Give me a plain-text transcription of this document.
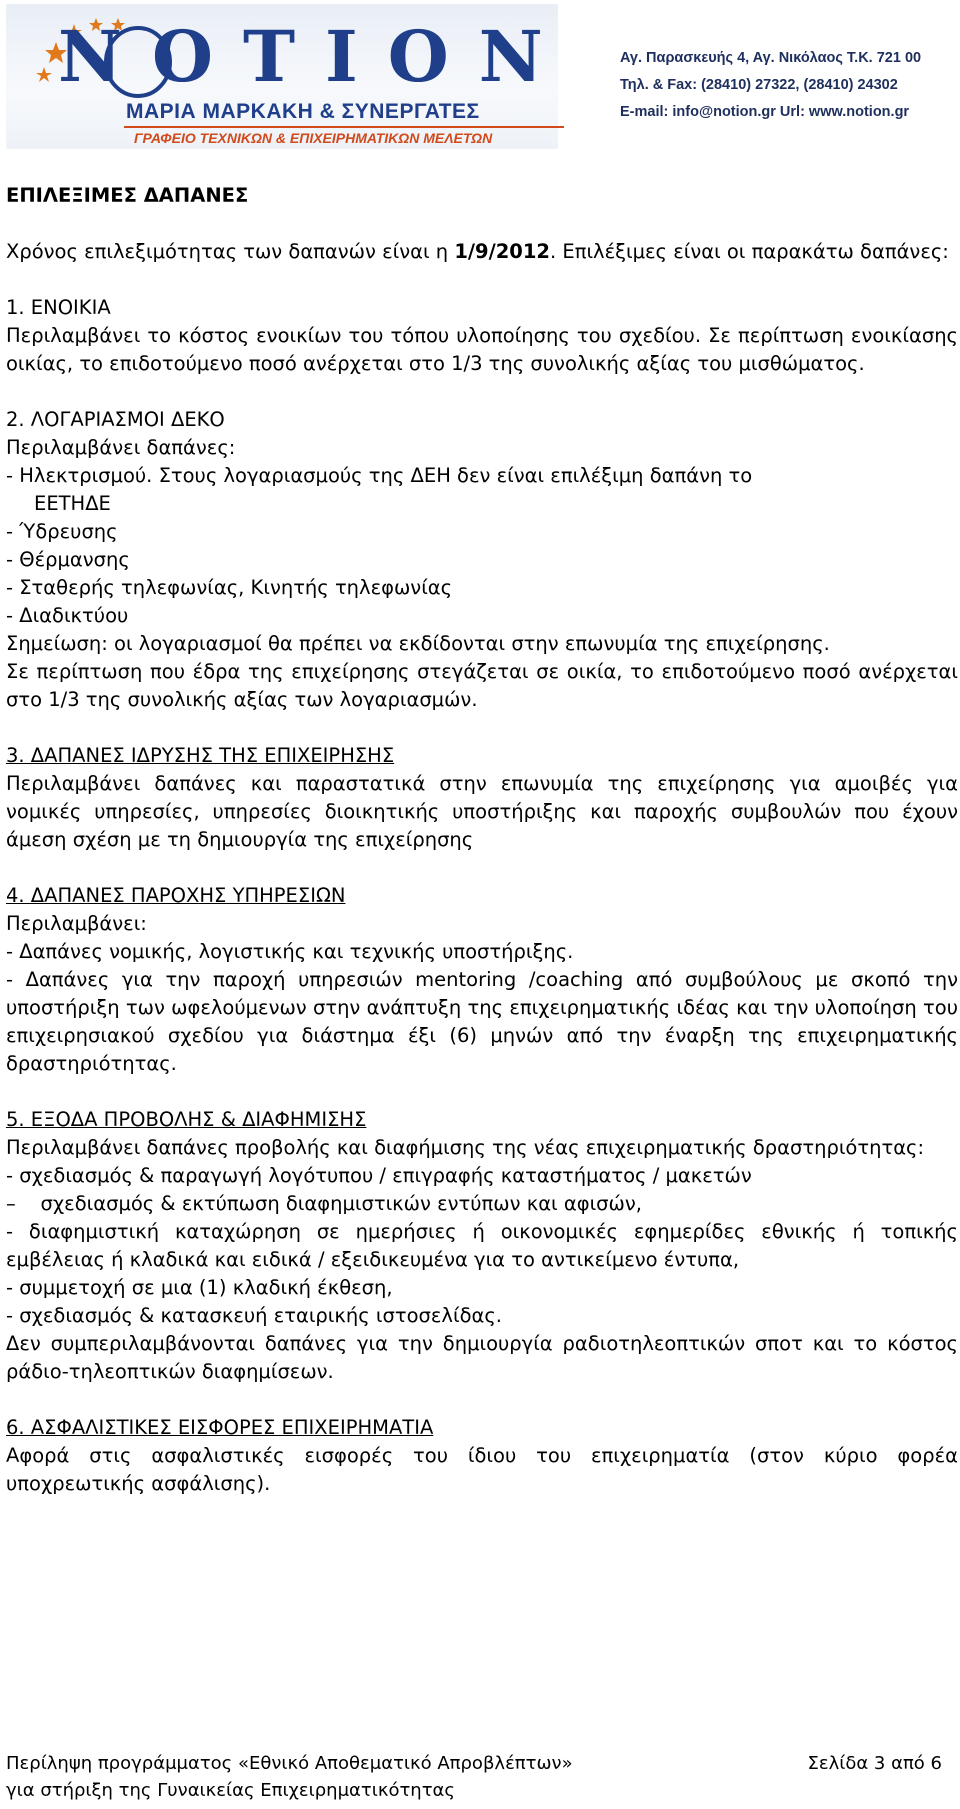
NOTION
ΜΑΡΙΑ ΜΑΡΚΑΚΗ & ΣΥΝΕΡΓΑΤΕΣ
ΓΡΑΦΕΙΟ ΤΕΧΝΙΚΩΝ & ΕΠΙΧΕΙΡΗΜΑΤΙΚΩΝ ΜΕΛΕΤΩΝ
Αγ. Παρασκευής 4, Αγ. Νικόλαος Τ.Κ. 721 00
Τηλ. & Fax: (28410) 27322, (28410) 24302
E-mail: info@notion.gr Url: www.notion.gr

ΕΠΙΛΕΞΙΜΕΣ ΔΑΠΑΝΕΣ

Χρόνος επιλεξιμότητας των δαπανών είναι η 1/9/2012. Επιλέξιμες είναι οι παρακάτω δαπάνες:

1. ΕΝΟΙΚΙΑ

Περιλαμβάνει το κόστος ενοικίων του τόπου υλοποίησης του σχεδίου. Σε περίπτωση ενοικίασης οικίας, το επιδοτούμενο ποσό ανέρχεται στο 1/3 της συνολικής αξίας του μισθώματος.

2. ΛΟΓΑΡΙΑΣΜΟΙ ΔΕΚΟ

Περιλαμβάνει δαπάνες:

- Ηλεκτρισμού. Στους λογαριασμούς της ΔΕΗ δεν είναι επιλέξιμη δαπάνη το

ΕΕΤΗΔΕ

- Ύδρευσης

- Θέρμανσης

- Σταθερής τηλεφωνίας, Κινητής τηλεφωνίας

- Διαδικτύου

Σημείωση: οι λογαριασμοί θα πρέπει να εκδίδονται στην επωνυμία της επιχείρησης.

Σε περίπτωση που έδρα της επιχείρησης στεγάζεται σε οικία, το επιδοτούμενο ποσό ανέρχεται στο 1/3 της συνολικής αξίας των λογαριασμών.

3. ΔΑΠΑΝΕΣ ΙΔΡΥΣΗΣ ΤΗΣ ΕΠΙΧΕΙΡΗΣΗΣ

Περιλαμβάνει δαπάνες και παραστατικά στην επωνυμία της επιχείρησης για αμοιβές για νομικές υπηρεσίες, υπηρεσίες διοικητικής υποστήριξης και παροχής συμβουλών που έχουν άμεση σχέση με τη δημιουργία της επιχείρησης

4. ΔΑΠΑΝΕΣ ΠΑΡΟΧΗΣ ΥΠΗΡΕΣΙΩΝ

Περιλαμβάνει:

- Δαπάνες νομικής, λογιστικής και τεχνικής υποστήριξης.

- Δαπάνες για την παροχή υπηρεσιών mentoring /coaching από συμβούλους με σκοπό την υποστήριξη των ωφελούμενων στην ανάπτυξη της επιχειρηματικής ιδέας και την υλοποίηση του επιχειρησιακού σχεδίου για διάστημα έξι (6) μηνών από την έναρξη της επιχειρηματικής δραστηριότητας.

5. ΕΞΟΔΑ ΠΡΟΒΟΛΗΣ & ΔΙΑΦΗΜΙΣΗΣ

Περιλαμβάνει δαπάνες προβολής και διαφήμισης της νέας επιχειρηματικής δραστηριότητας:

- σχεδιασμός & παραγωγή λογότυπου / επιγραφής καταστήματος / μακετών

–    σχεδιασμός & εκτύπωση διαφημιστικών εντύπων και αφισών,

- διαφημιστική καταχώρηση σε ημερήσιες ή οικονομικές εφημερίδες εθνικής ή τοπικής εμβέλειας ή κλαδικά και ειδικά / εξειδικευμένα για το αντικείμενο έντυπα,

- συμμετοχή σε μια (1) κλαδική έκθεση,

- σχεδιασμός & κατασκευή εταιρικής ιστοσελίδας.

Δεν συμπεριλαμβάνονται δαπάνες για την δημιουργία ραδιοτηλεοπτικών σποτ και το κόστος ράδιο-τηλεοπτικών διαφημίσεων.

6. ΑΣΦΑΛΙΣΤΙΚΕΣ ΕΙΣΦΟΡΕΣ ΕΠΙΧΕΙΡΗΜΑΤΙΑ

Αφορά στις ασφαλιστικές εισφορές του ίδιου του επιχειρηματία (στον κύριο φορέα υποχρεωτικής ασφάλισης).

Περίληψη προγράμματος «Εθνικό Αποθεματικό Απροβλέπτων»
για στήριξη της Γυναικείας Επιχειρηματικότητας
Σελίδα 3 από 6
